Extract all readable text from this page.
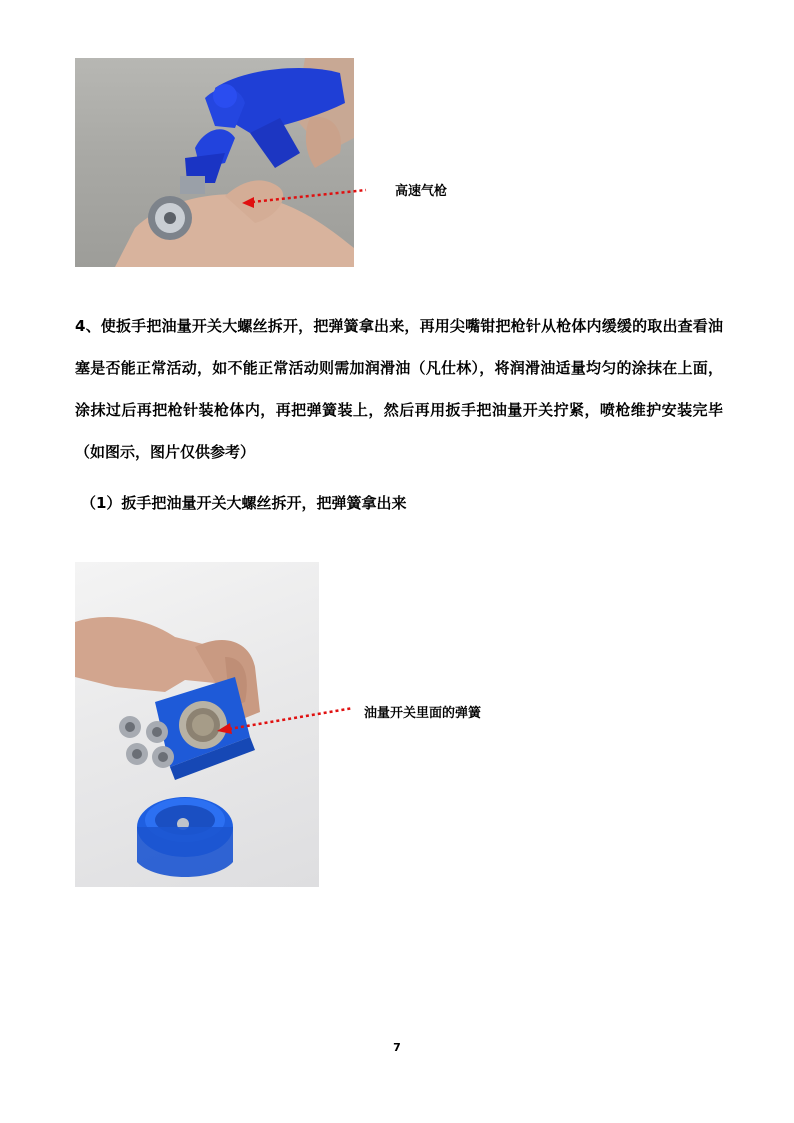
高速气枪
4、使扳手把油量开关大螺丝拆开，把弹簧拿出来，再用尖嘴钳把枪针从枪体内缓缓的取出查看油塞是否能正常活动，如不能正常活动则需加润滑油（凡仕林），将润滑油适量均匀的涂抹在上面，涂抹过后再把枪针装枪体内，再把弹簧装上，然后再用扳手把油量开关拧紧，喷枪维护安装完毕（如图示，图片仅供参考）
（1）扳手把油量开关大螺丝拆开，把弹簧拿出来
油量开关里面的弹簧
7
